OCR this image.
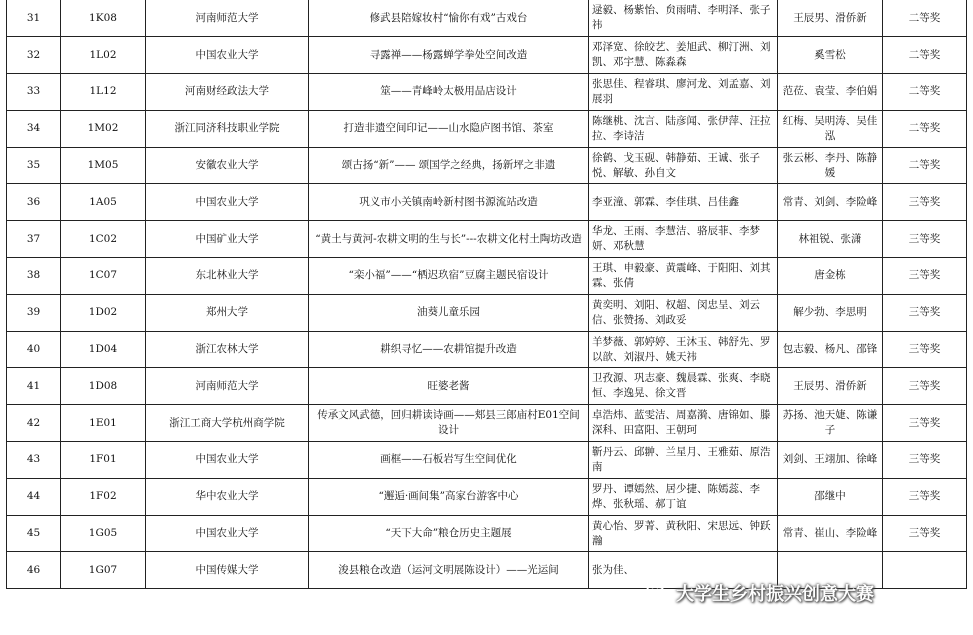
31	1K08	河南师范大学	修武县陪嫁妆村“愉你有戏”古戏台	逯毅、杨紫怡、贠雨晴、李明泽、张子祎	王辰男、滑侨新	二等奖
32	1L02	中国农业大学	寻露禅——杨露蝉学拳处空间改造	邓泽宽、徐皎艺、姜旭武、柳汀洲、刘凯、邓宇慧、陈淼森	奚雪松	二等奖
33	1L12	河南财经政法大学	筮——青峰岭太极用品店设计	张思佳、程睿琪、廖河龙、刘孟嘉、刘展羽	范莅、袁莹、李伯娟	二等奖
34	1M02	浙江同济科技职业学院	打造非遗空间印记——山水隐庐图书馆、茶室	陈继桃、沈言、陆彦闻、张伊萍、汪拉拉、李诗洁	红梅、吴明涛、吴佳泓	二等奖
35	1M05	安徽农业大学	颂古扬“新”—— 颂国学之经典，扬新坪之非遗	徐鹤、戈玉砚、韩静茹、王诚、张子悦、解敏、孙自文	张云彬、李丹、陈静媛	二等奖
36	1A05	中国农业大学	巩义市小关镇南岭新村图书源流站改造	李亚潼、郭霖、李佳琪、吕佳鑫	常青、刘剑、李险峰	三等奖
37	1C02	中国矿业大学	“黄土与黄河-农耕文明的生与长”---农耕文化村土陶坊改造	华龙、王雨、李慧洁、骆辰菲、李梦妍、邓秋慧	林祖锐、张潇	三等奖
38	1C07	东北林业大学	“栾小福”——“栖迟玖宿”豆腐主题民宿设计	王琪、申毅豪、黄震峰、于阳阳、刘其霖、张倩	唐金栋	三等奖
39	1D02	郑州大学	油葵儿童乐园	黄奕明、刘阳、权超、闵忠呈、刘云信、张赞扬、刘政妥	解少勃、李思明	三等奖
40	1D04	浙江农林大学	耕织寻忆——农耕馆提升改造	羊梦薇、郭婷婷、王沐玉、韩舒先、罗以歆、刘淑丹、姚天祎	包志毅、杨凡、邵锋	三等奖
41	1D08	河南师范大学	旺婆老酱	卫孜源、巩志豪、魏晨霖、张爽、李晓恒、李逸晃、徐文晋	王辰男、滑侨新	三等奖
42	1E01	浙江工商大学杭州商学院	传承文风武德，回归耕读诗画——郏县三郎庙村E01空间设计	卓浩炜、蓝雯洁、周嘉漪、唐锦如、滕深科、田富阳、王朝珂	苏扬、池天婕、陈谦子	三等奖
43	1F01	中国农业大学	画框——石板岩写生空间优化	靳丹云、邱翀、兰星月、王雅茹、原浩南	刘剑、王翊加、徐峰	三等奖
44	1F02	华中农业大学	“邂逅·画间集”高家台游客中心	罗丹、谭嫣然、居少捷、陈嫣蕊、李烨、张秋瑶、郝丁谊	邵继中	三等奖
45	1G05	中国农业大学	“天下大命”粮仓历史主题展	黄心怡、罗菁、黄秋阳、宋思远、钟跃瀚	常青、崔山、李险峰	三等奖
46	1G07	中国传媒大学	浚县粮仓改造（运河文明展陈设计）——光运间	张为佳、		
大学生乡村振兴创意大赛
